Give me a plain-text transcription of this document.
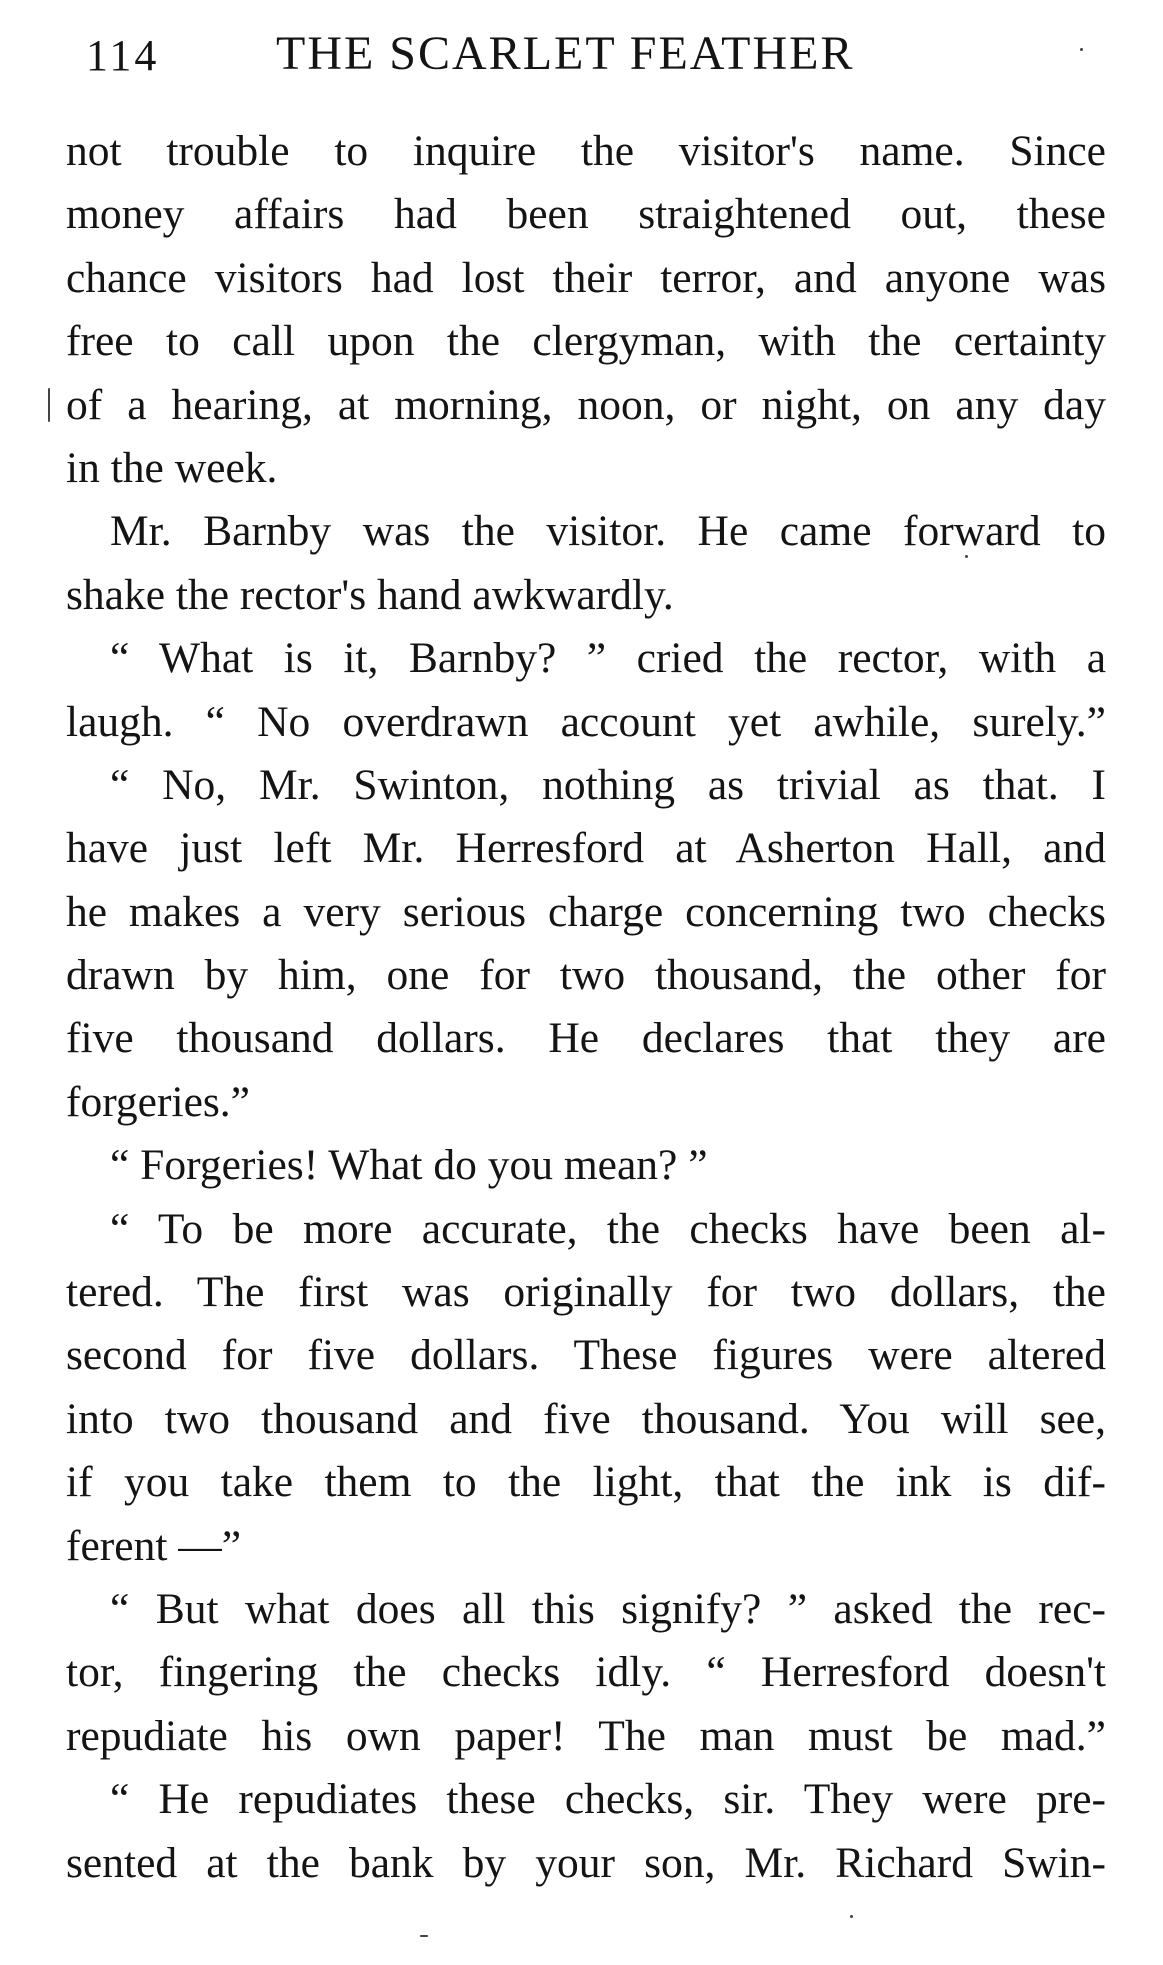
114 THE SCARLET FEATHER
not trouble to inquire the visitor's name. Since
money affairs had been straightened out, these
chance visitors had lost their terror, and anyone was
free to call upon the clergyman, with the certainty
of a hearing, at morning, noon, or night, on any day
in the week.
Mr. Barnby was the visitor. He came forward to
shake the rector's hand awkwardly.
“ What is it, Barnby? ” cried the rector, with a
laugh. “ No overdrawn account yet awhile, surely.”
“ No, Mr. Swinton, nothing as trivial as that. I
have just left Mr. Herresford at Asherton Hall, and
he makes a very serious charge concerning two checks
drawn by him, one for two thousand, the other for
five thousand dollars. He declares that they are
forgeries.”
“ Forgeries! What do you mean? ”
“ To be more accurate, the checks have been al-
tered. The first was originally for two dollars, the
second for five dollars. These figures were altered
into two thousand and five thousand. You will see,
if you take them to the light, that the ink is dif-
ferent —”
“ But what does all this signify? ” asked the rec-
tor, fingering the checks idly. “ Herresford doesn't
repudiate his own paper! The man must be mad.”
“ He repudiates these checks, sir. They were pre-
sented at the bank by your son, Mr. Richard Swin-
